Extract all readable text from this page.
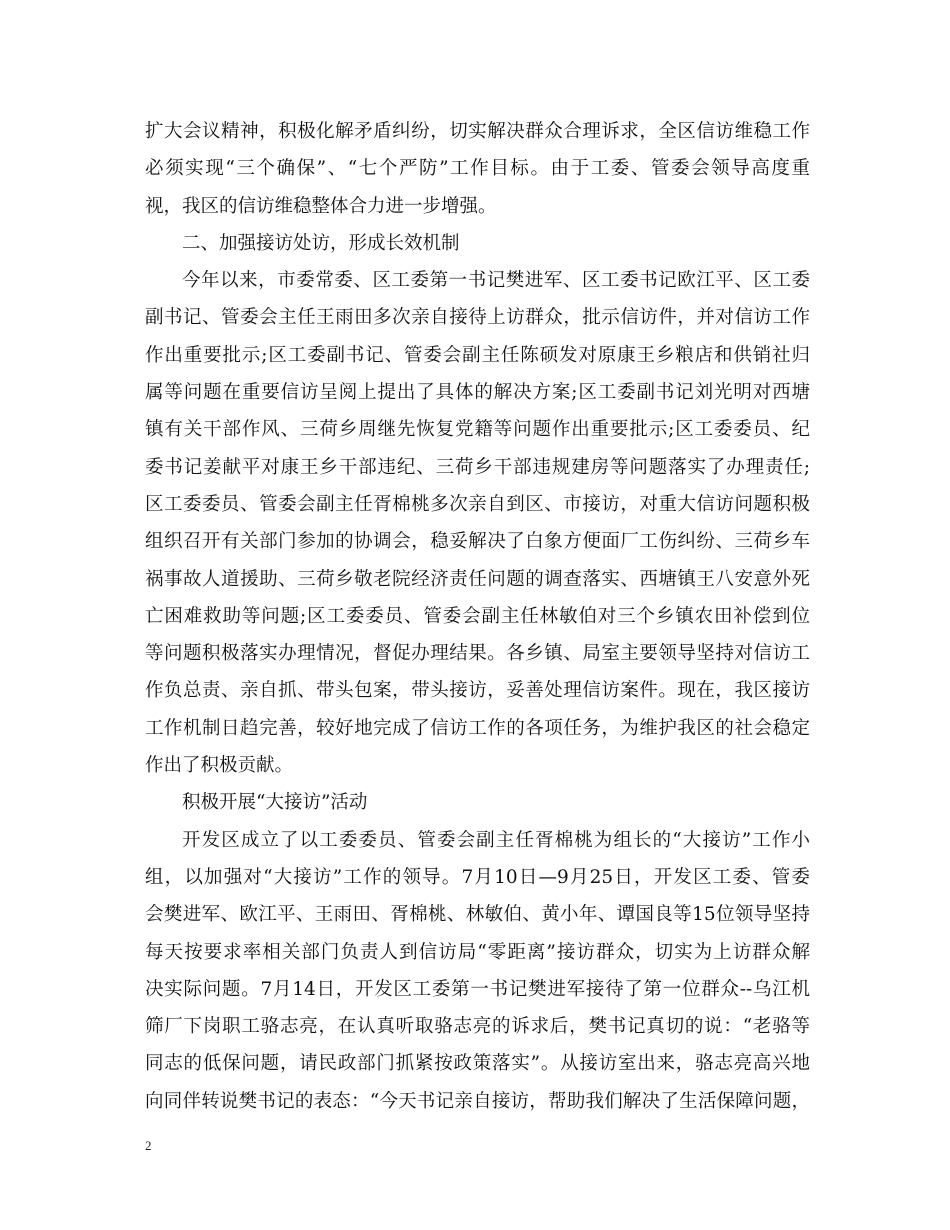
扩大会议精神，积极化解矛盾纠纷，切实解决群众合理诉求，全区信访维稳工作
必须实现“三个确保”、“七个严防”工作目标。由于工委、管委会领导高度重
视，我区的信访维稳整体合力进一步增强。
二、加强接访处访，形成长效机制
今年以来，市委常委、区工委第一书记樊进军、区工委书记欧江平、区工委
副书记、管委会主任王雨田多次亲自接待上访群众，批示信访件，并对信访工作
作出重要批示;区工委副书记、管委会副主任陈硕发对原康王乡粮店和供销社归
属等问题在重要信访呈阅上提出了具体的解决方案;区工委副书记刘光明对西塘
镇有关干部作风、三荷乡周继先恢复党籍等问题作出重要批示;区工委委员、纪
委书记姜献平对康王乡干部违纪、三荷乡干部违规建房等问题落实了办理责任;
区工委委员、管委会副主任胥棉桃多次亲自到区、市接访，对重大信访问题积极
组织召开有关部门参加的协调会，稳妥解决了白象方便面厂工伤纠纷、三荷乡车
祸事故人道援助、三荷乡敬老院经济责任问题的调查落实、西塘镇王八安意外死
亡困难救助等问题;区工委委员、管委会副主任林敏伯对三个乡镇农田补偿到位
等问题积极落实办理情况，督促办理结果。各乡镇、局室主要领导坚持对信访工
作负总责、亲自抓、带头包案，带头接访，妥善处理信访案件。现在，我区接访
工作机制日趋完善，较好地完成了信访工作的各项任务，为维护我区的社会稳定
作出了积极贡献。
积极开展“大接访”活动
开发区成立了以工委委员、管委会副主任胥棉桃为组长的“大接访”工作小
组，以加强对“大接访”工作的领导。7月10日—9月25日，开发区工委、管委
会樊进军、欧江平、王雨田、胥棉桃、林敏伯、黄小年、谭国良等15位领导坚持
每天按要求率相关部门负责人到信访局“零距离”接访群众，切实为上访群众解
决实际问题。7月14日，开发区工委第一书记樊进军接待了第一位群众--乌江机
筛厂下岗职工骆志亮，在认真听取骆志亮的诉求后，樊书记真切的说：“老骆等
同志的低保问题，请民政部门抓紧按政策落实”。从接访室出来，骆志亮高兴地
向同伴转说樊书记的表态：“今天书记亲自接访，帮助我们解决了生活保障问题，
2
